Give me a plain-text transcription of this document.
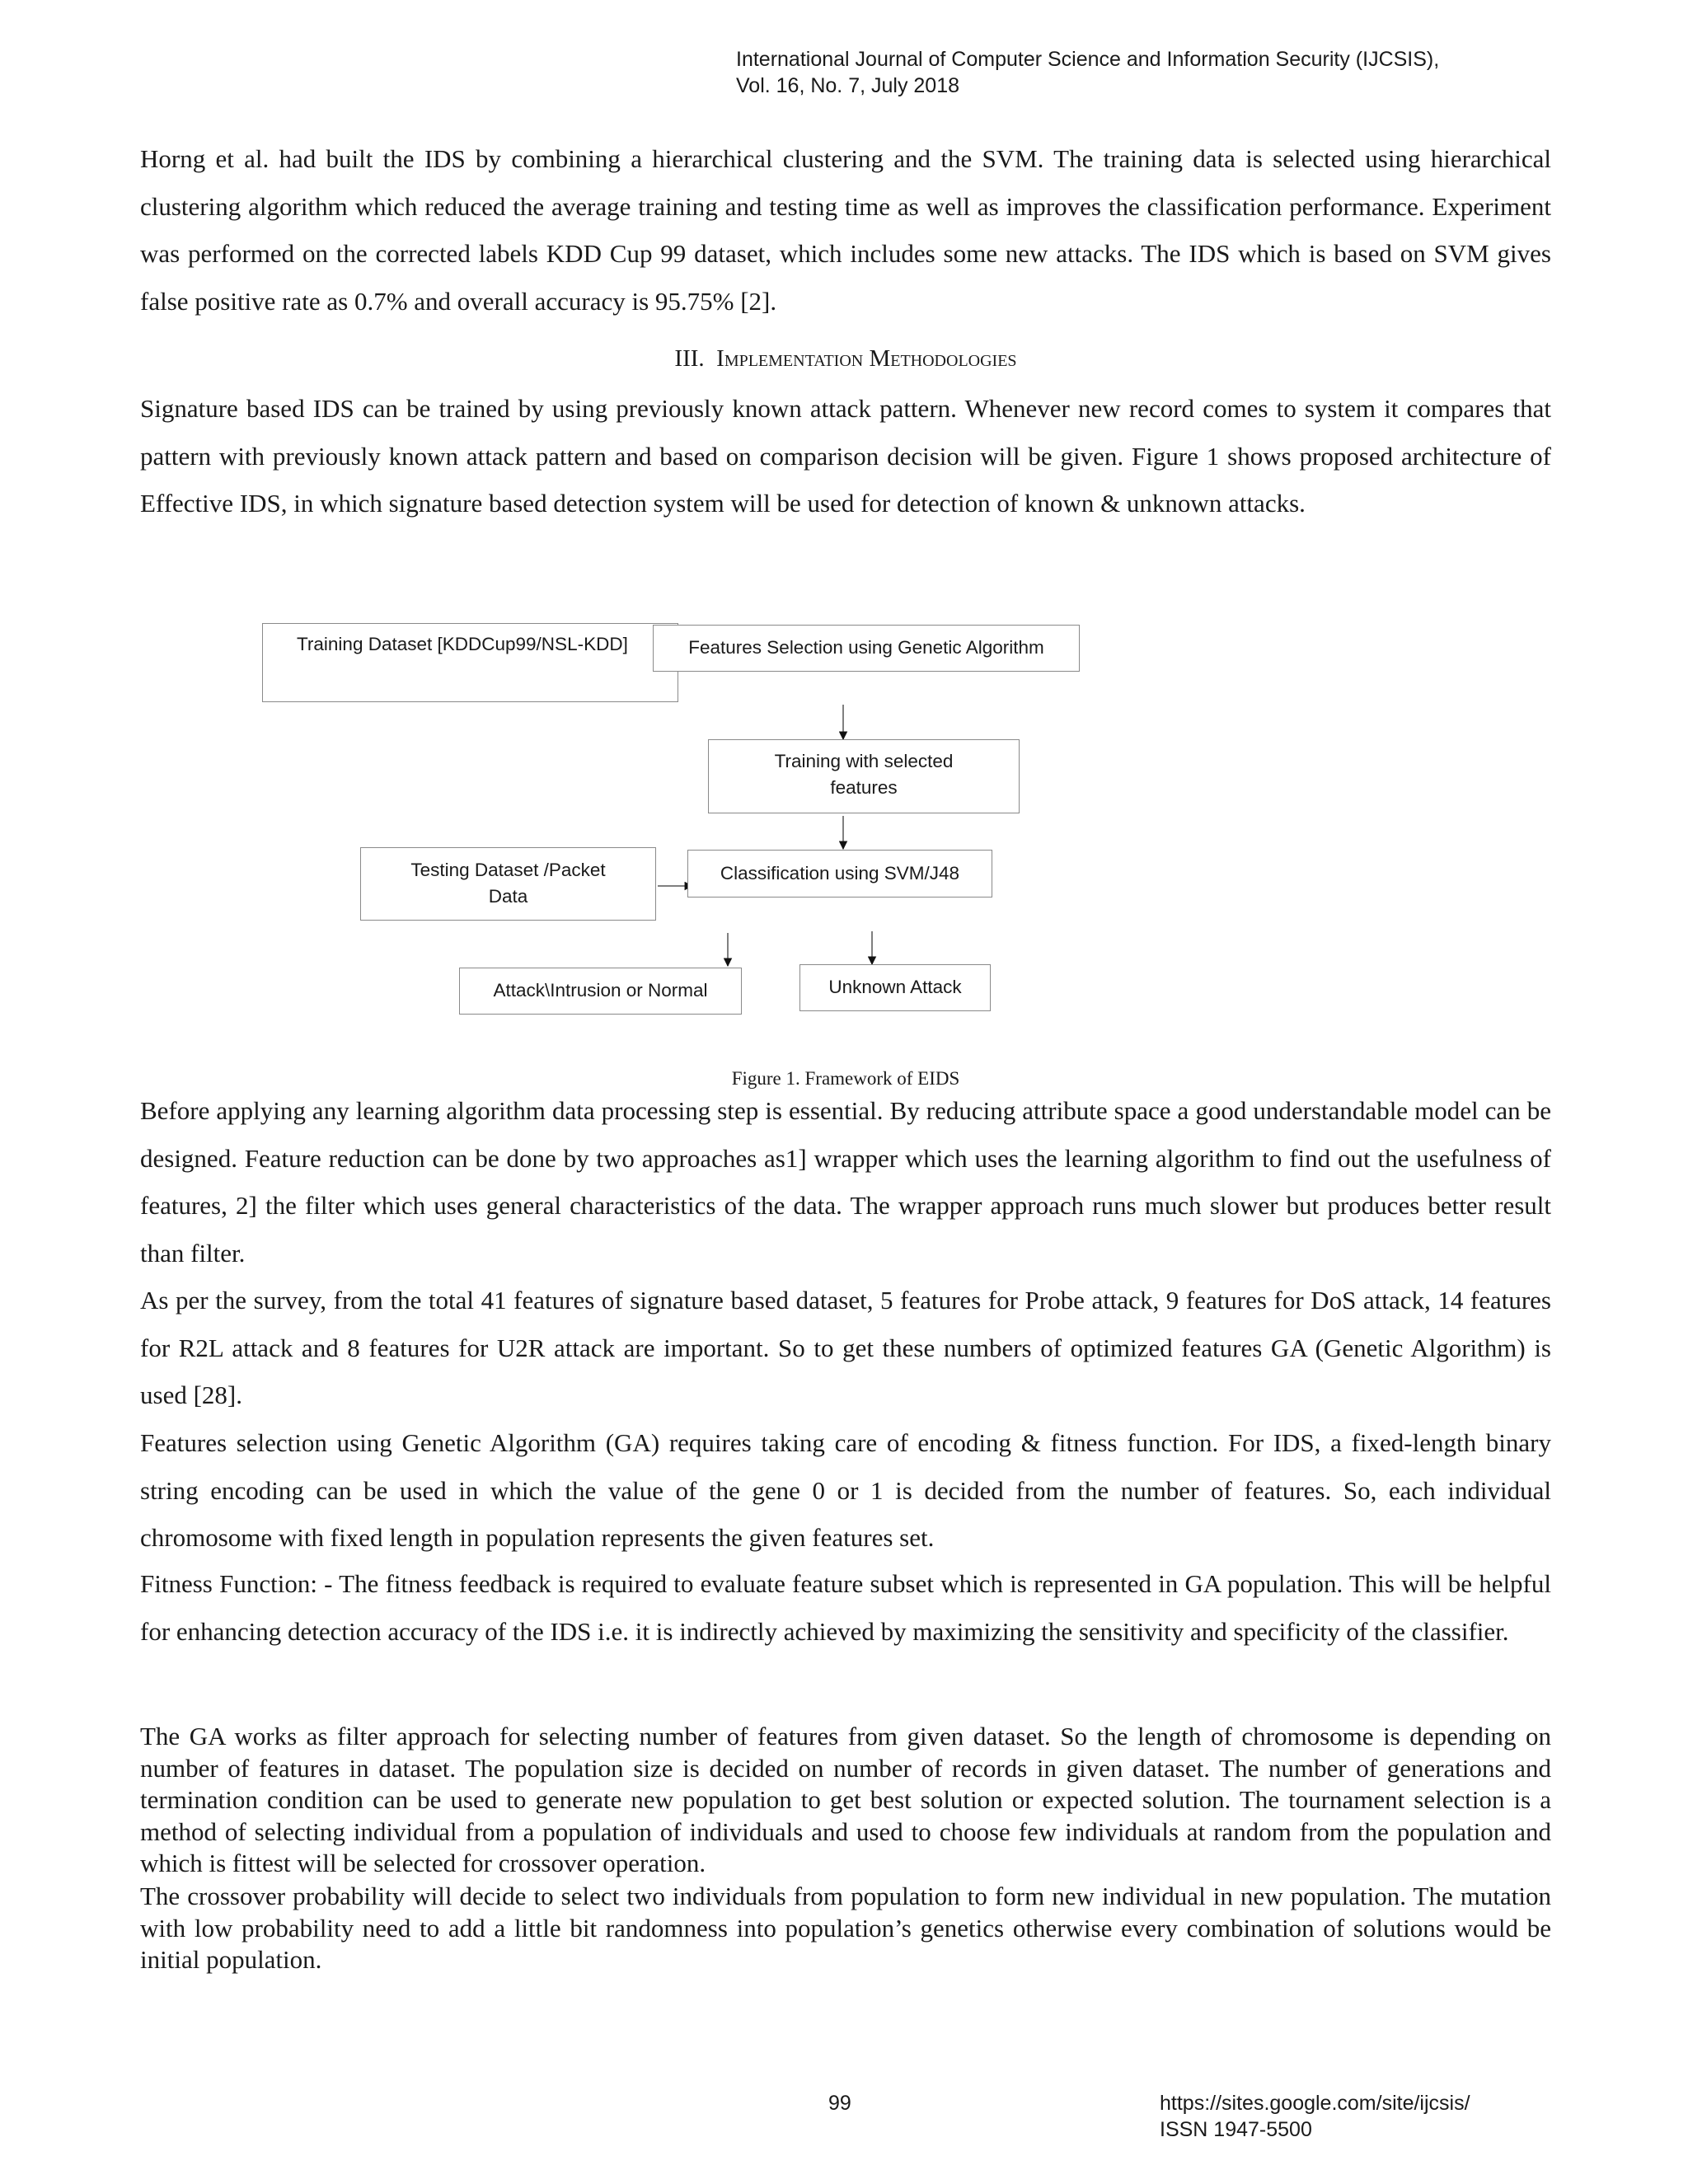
International Journal of Computer Science and Information Security (IJCSIS),
Vol. 16, No. 7, July 2018

Horng et al. had built the IDS by combining a hierarchical clustering and the SVM. The training data is selected using hierarchical clustering algorithm which reduced the average training and testing time as well as improves the classification performance. Experiment was performed on the corrected labels KDD Cup 99 dataset, which includes some new attacks. The IDS which is based on SVM gives false positive rate as 0.7% and overall accuracy is 95.75% [2].

III. Implementation Methodologies

Signature based IDS can be trained by using previously known attack pattern. Whenever new record comes to system it compares that pattern with previously known attack pattern and based on comparison decision will be given. Figure 1 shows proposed architecture of Effective IDS, in which signature based detection system will be used for detection of known & unknown attacks.

Training Dataset [KDDCup99/NSL-KDD]	Features Selection using Genetic Algorithm
Training with selected
features
Testing Dataset /Packet
Data
Classification using SVM/J48
Attack\Intrusion or Normal	Unknown Attack
Figure 1. Framework of EIDS

Before applying any learning algorithm data processing step is essential. By reducing attribute space a good understandable model can be designed. Feature reduction can be done by two approaches as1] wrapper which uses the learning algorithm to find out the usefulness of features, 2] the filter which uses general characteristics of the data. The wrapper approach runs much slower but produces better result than filter.

As per the survey, from the total 41 features of signature based dataset, 5 features for Probe attack, 9 features for DoS attack, 14 features for R2L attack and 8 features for U2R attack are important. So to get these numbers of optimized features GA (Genetic Algorithm) is used [28].

Features selection using Genetic Algorithm (GA) requires taking care of encoding & fitness function. For IDS, a fixed-length binary string encoding can be used in which the value of the gene 0 or 1 is decided from the number of features. So, each individual chromosome with fixed length in population represents the given features set.

Fitness Function: - The fitness feedback is required to evaluate feature subset which is represented in GA population. This will be helpful for enhancing detection accuracy of the IDS i.e. it is indirectly achieved by maximizing the sensitivity and specificity of the classifier.

The GA works as filter approach for selecting number of features from given dataset. So the length of chromosome is depending on number of features in dataset. The population size is decided on number of records in given dataset. The number of generations and termination condition can be used to generate new population to get best solution or expected solution. The tournament selection is a method of selecting individual from a population of individuals and used to choose few individuals at random from the population and which is fittest will be selected for crossover operation.

The crossover probability will decide to select two individuals from population to form new individual in new population. The mutation with low probability need to add a little bit randomness into population’s genetics otherwise every combination of solutions would be initial population.

99	https://sites.google.com/site/ijcsis/
ISSN 1947-5500
